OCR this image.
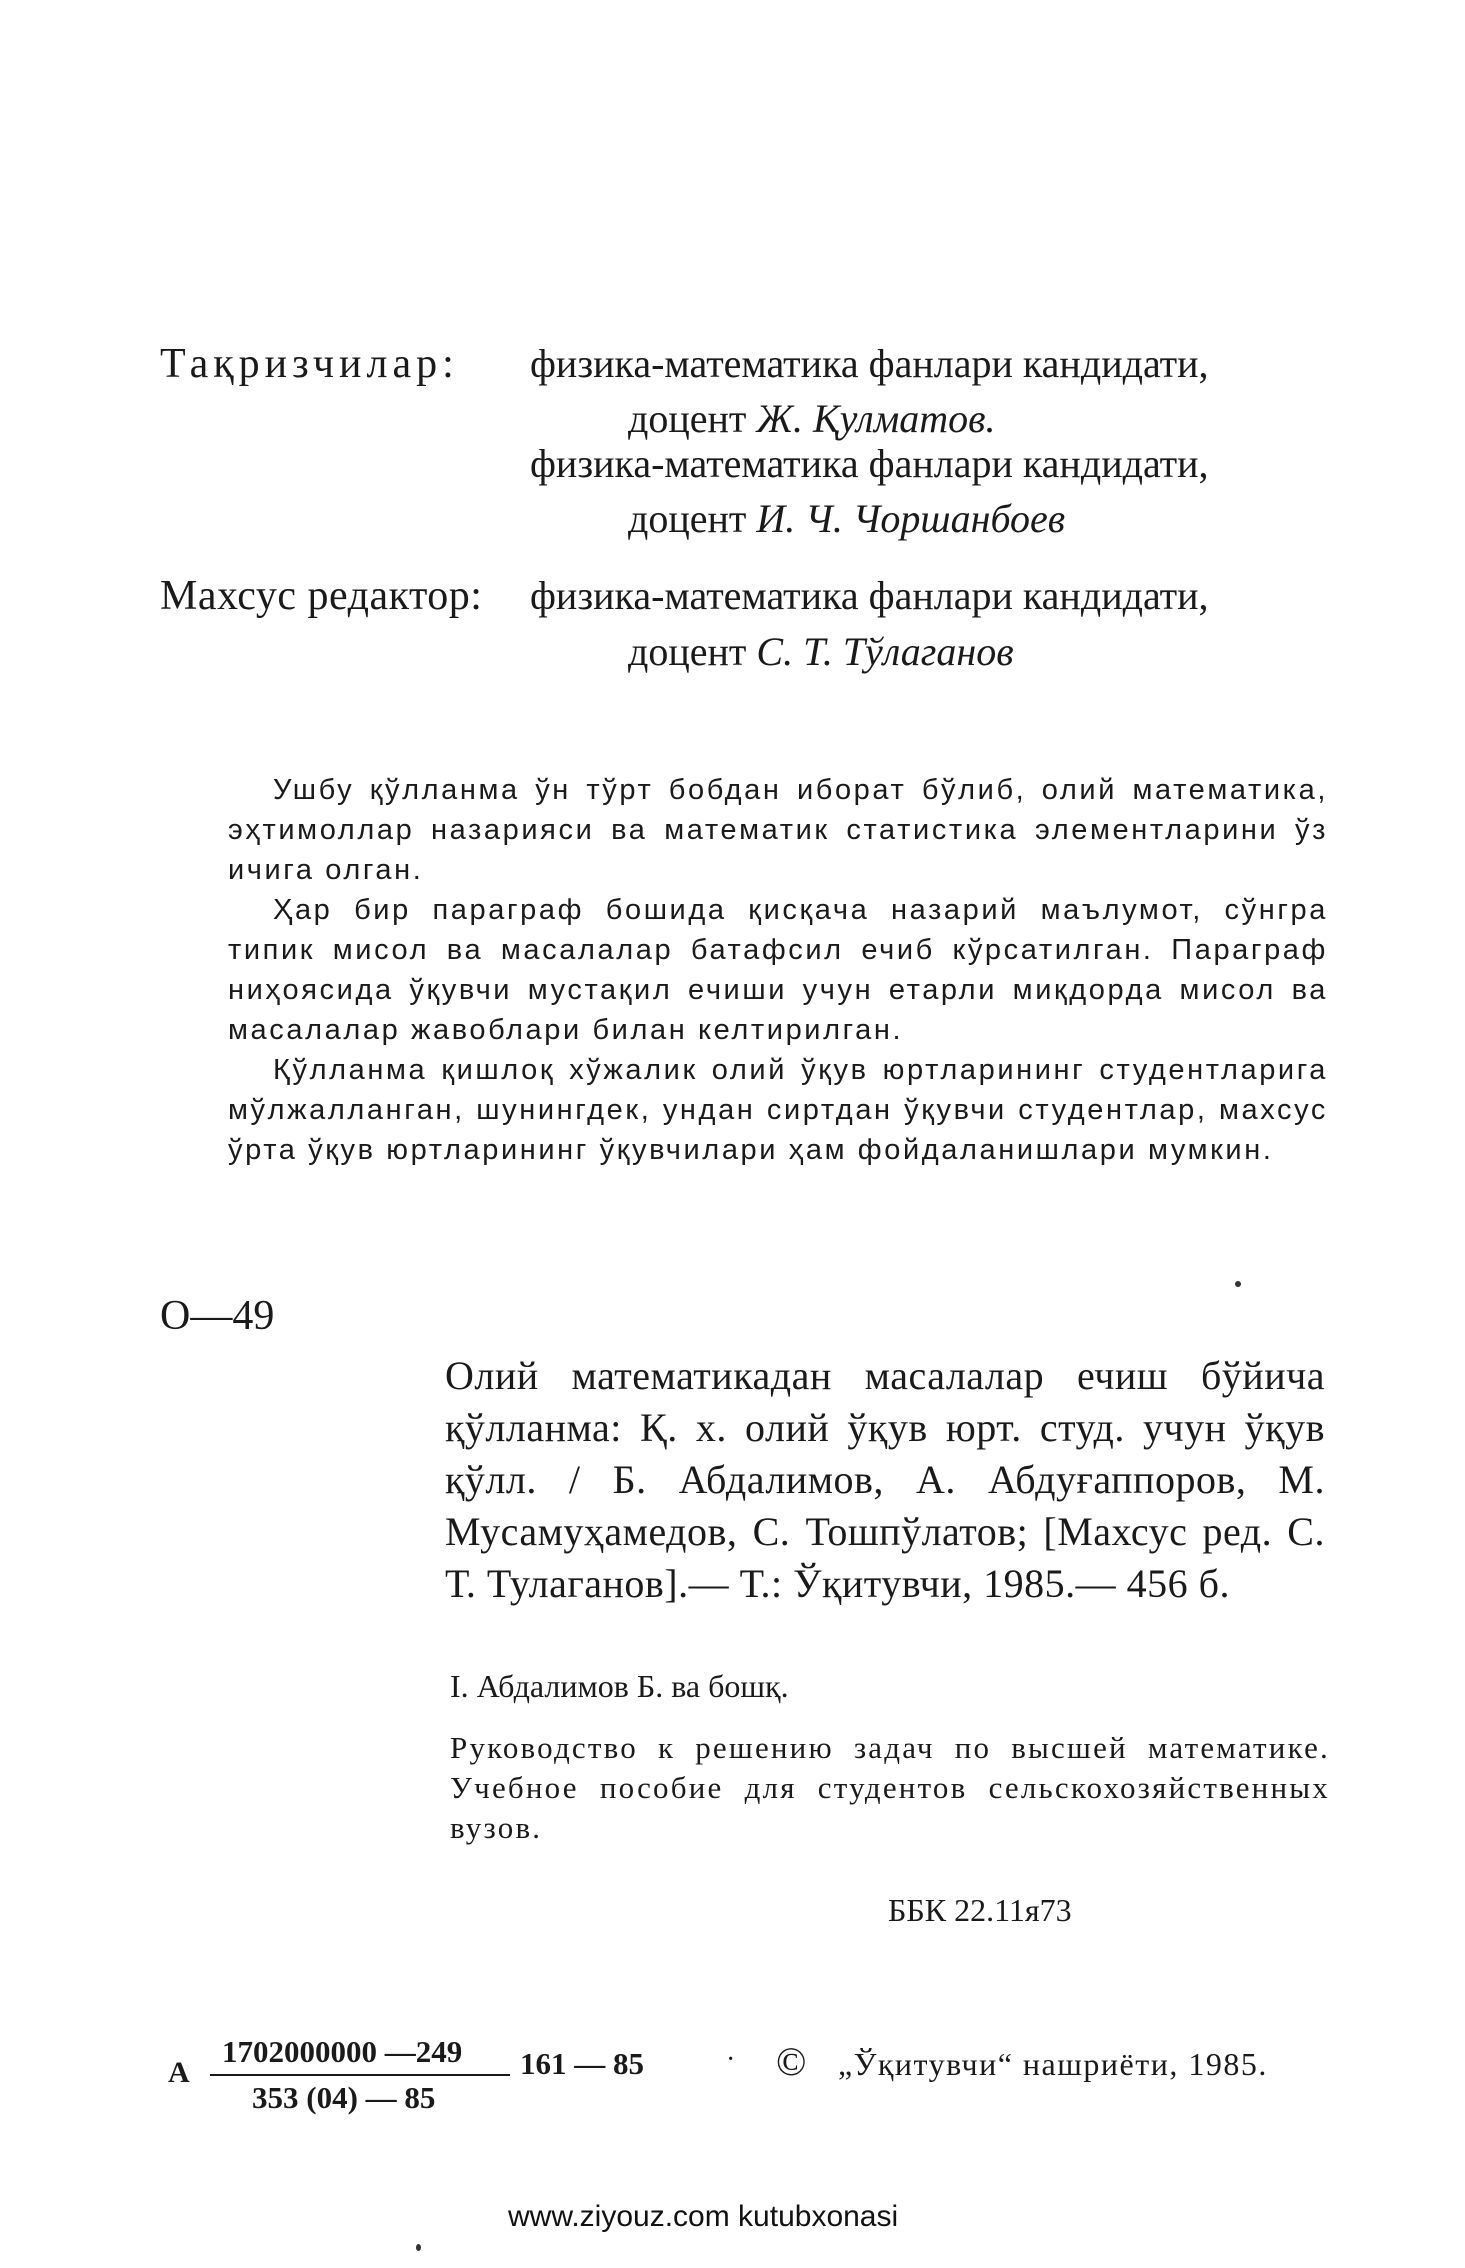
Тақризчилар: физика-математика фанлари кандидати,
доцент Ж. Қулматов.
физика-математика фанлари кандидати,
доцент И. Ч. Чоршанбоев
Махсус редактор: физика-математика фанлари кандидати,
доцент С. Т. Тўлаганов

Ушбу қўлланма ўн тўрт бобдан иборат бўлиб, олий математика, эҳтимоллар назарияси ва математик статистика элементларини ўз ичига олган.

Ҳар бир параграф бошида қисқача назарий маълумот, сўнгра типик мисол ва масалалар батафсил ечиб кўрсатилган. Параграф ниҳоясида ўқувчи мустақил ечиши учун етарли миқдорда мисол ва масалалар жавоблари билан келтирилган.

Қўлланма қишлоқ хўжалик олий ўқув юртларининг студентларига мўлжалланган, шунингдек, ундан сиртдан ўқувчи студентлар, махсус ўрта ўқув юртларининг ўқувчилари ҳам фойдаланишлари мумкин.

О—49

Олий математикадан масалалар ечиш бўйича қўлланма: Қ. х. олий ўқув юрт. студ. учун ўқув қўлл. / Б. Абдалимов, А. Абдуғаппоров, М. Мусамуҳамедов, С. Тошпўлатов; [Махсус ред. С. Т. Тулаганов].— Т.: Ўқитувчи, 1985.— 456 б.

I. Абдалимов Б. ва бошқ.

Руководство к решению задач по высшей математике. Учебное пособие для студентов сельскохозяйственных вузов.

ББК 22.11я73
А
1702000000 —249
353 (04) — 85
161 — 85	· © „Ўқитувчи“ нашриёти, 1985.
www.ziyouz.com kutubxonasi
